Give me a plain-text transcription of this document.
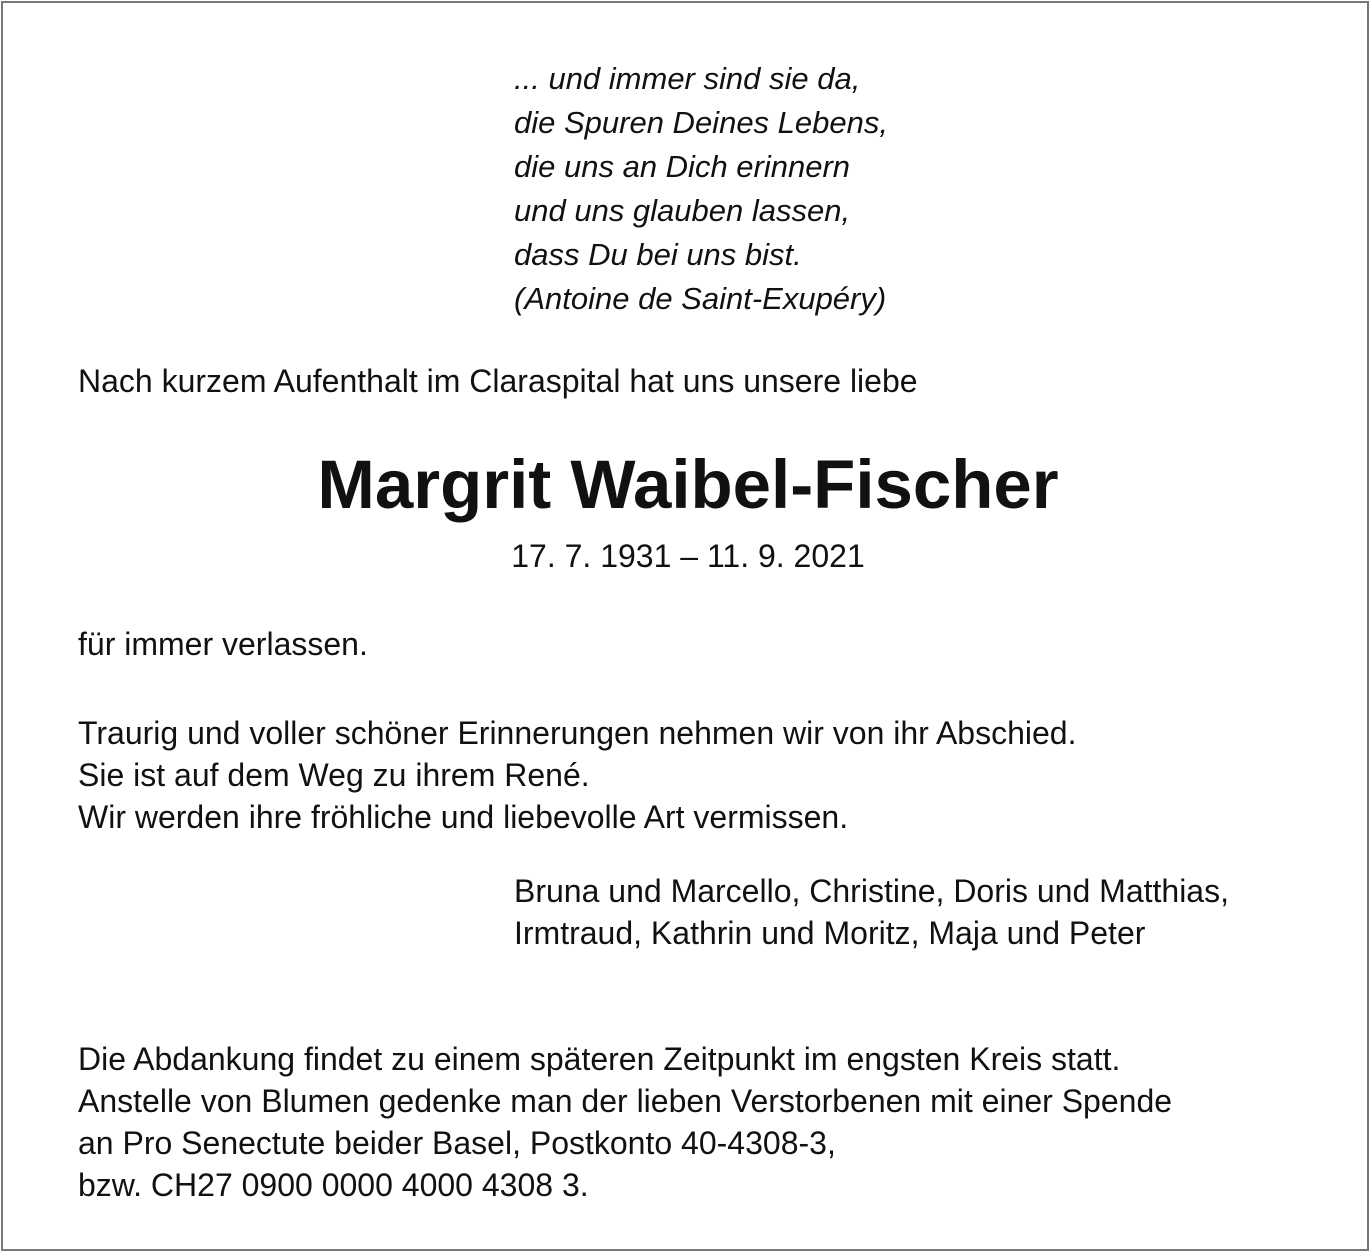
... und immer sind sie da,
die Spuren Deines Lebens,
die uns an Dich erinnern
und uns glauben lassen,
dass Du bei uns bist.
(Antoine de Saint-Exupéry)

Nach kurzem Aufenthalt im Claraspital hat uns unsere liebe

Margrit Waibel-Fischer

17. 7. 1931 – 11. 9. 2021

für immer verlassen.
Traurig und voller schöner Erinnerungen nehmen wir von ihr Abschied.
Sie ist auf dem Weg zu ihrem René.
Wir werden ihre fröhliche und liebevolle Art vermissen.
Bruna und Marcello, Christine, Doris und Matthias,
Irmtraud, Kathrin und Moritz, Maja und Peter
Die Abdankung findet zu einem späteren Zeitpunkt im engsten Kreis statt.
Anstelle von Blumen gedenke man der lieben Verstorbenen mit einer Spende
an Pro Senectute beider Basel, Postkonto 40-4308-3,
bzw. CH27 0900 0000 4000 4308 3.
